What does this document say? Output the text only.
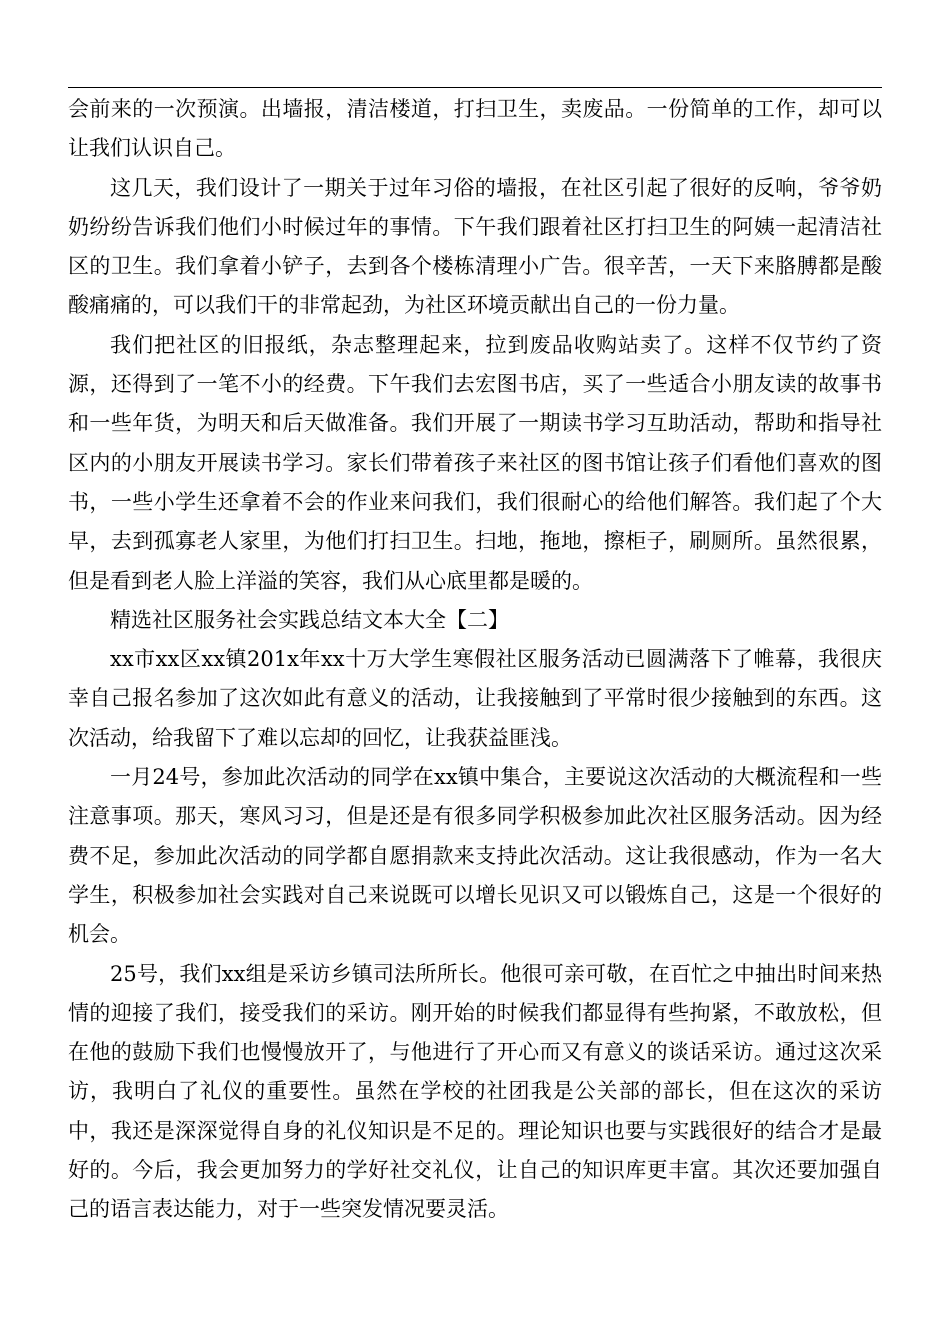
会前来的一次预演。出墙报，清洁楼道，打扫卫生，卖废品。一份简单的工作，却可以让我们认识自己。

这几天，我们设计了一期关于过年习俗的墙报，在社区引起了很好的反响，爷爷奶奶纷纷告诉我们他们小时候过年的事情。下午我们跟着社区打扫卫生的阿姨一起清洁社区的卫生。我们拿着小铲子，去到各个楼栋清理小广告。很辛苦，一天下来胳膊都是酸酸痛痛的，可以我们干的非常起劲，为社区环境贡献出自己的一份力量。

我们把社区的旧报纸，杂志整理起来，拉到废品收购站卖了。这样不仅节约了资源，还得到了一笔不小的经费。下午我们去宏图书店，买了一些适合小朋友读的故事书和一些年货，为明天和后天做准备。我们开展了一期读书学习互助活动，帮助和指导社区内的小朋友开展读书学习。家长们带着孩子来社区的图书馆让孩子们看他们喜欢的图书，一些小学生还拿着不会的作业来问我们，我们很耐心的给他们解答。我们起了个大早，去到孤寡老人家里，为他们打扫卫生。扫地，拖地，擦柜子，刷厕所。虽然很累，但是看到老人脸上洋溢的笑容，我们从心底里都是暖的。

精选社区服务社会实践总结文本大全【二】

xx市xx区xx镇201x年xx十万大学生寒假社区服务活动已圆满落下了帷幕，我很庆幸自己报名参加了这次如此有意义的活动，让我接触到了平常时很少接触到的东西。这次活动，给我留下了难以忘却的回忆，让我获益匪浅。

一月24号，参加此次活动的同学在xx镇中集合，主要说这次活动的大概流程和一些注意事项。那天，寒风习习，但是还是有很多同学积极参加此次社区服务活动。因为经费不足，参加此次活动的同学都自愿捐款来支持此次活动。这让我很感动，作为一名大学生，积极参加社会实践对自己来说既可以增长见识又可以锻炼自己，这是一个很好的机会。

25号，我们xx组是采访乡镇司法所所长。他很可亲可敬，在百忙之中抽出时间来热情的迎接了我们，接受我们的采访。刚开始的时候我们都显得有些拘紧，不敢放松，但在他的鼓励下我们也慢慢放开了，与他进行了开心而又有意义的谈话采访。通过这次采访，我明白了礼仪的重要性。虽然在学校的社团我是公关部的部长，但在这次的采访中，我还是深深觉得自身的礼仪知识是不足的。理论知识也要与实践很好的结合才是最好的。今后，我会更加努力的学好社交礼仪，让自己的知识库更丰富。其次还要加强自己的语言表达能力，对于一些突发情况要灵活。
